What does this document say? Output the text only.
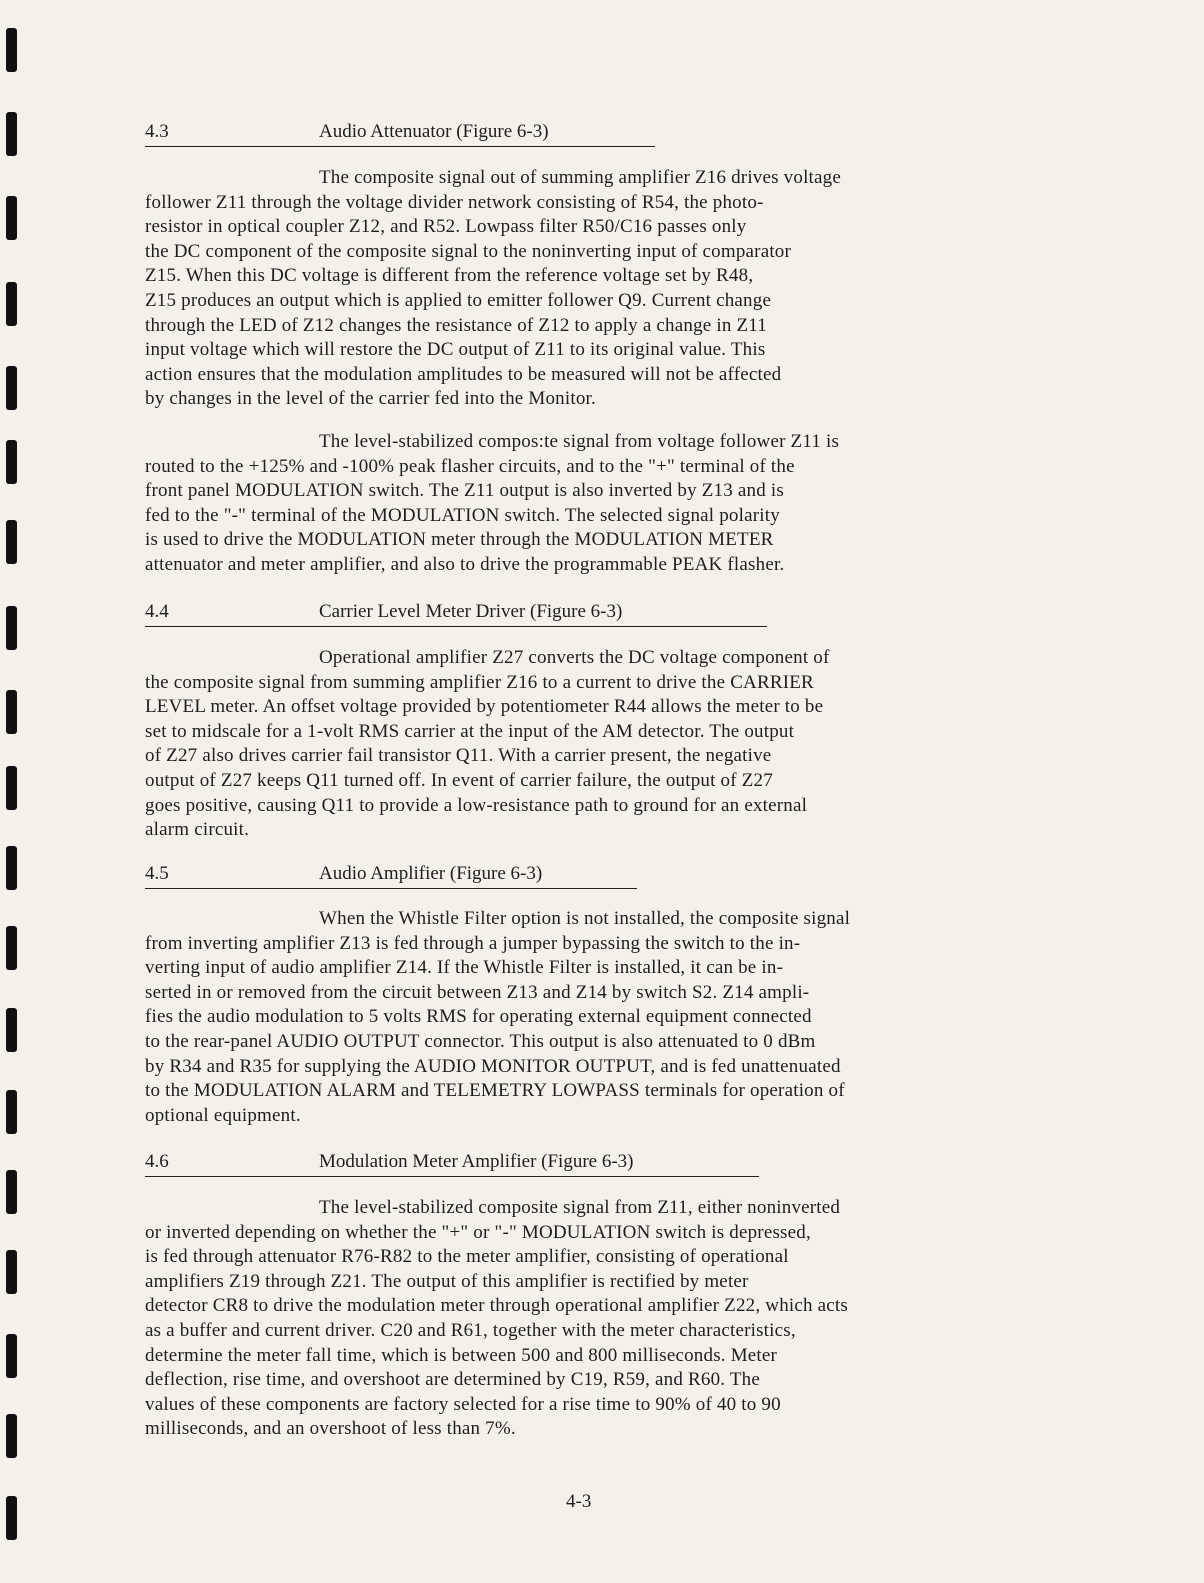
4.3	Audio Attenuator (Figure 6-3)

The composite signal out of summing amplifier Z16 drives voltage
follower Z11 through the voltage divider network consisting of R54, the photo-
resistor in optical coupler Z12, and R52. Lowpass filter R50/C16 passes only
the DC component of the composite signal to the noninverting input of comparator
Z15. When this DC voltage is different from the reference voltage set by R48,
Z15 produces an output which is applied to emitter follower Q9. Current change
through the LED of Z12 changes the resistance of Z12 to apply a change in Z11
input voltage which will restore the DC output of Z11 to its original value. This
action ensures that the modulation amplitudes to be measured will not be affected
by changes in the level of the carrier fed into the Monitor.

The level-stabilized compos:te signal from voltage follower Z11 is
routed to the +125% and -100% peak flasher circuits, and to the "+" terminal of the
front panel MODULATION switch. The Z11 output is also inverted by Z13 and is
fed to the "-" terminal of the MODULATION switch. The selected signal polarity
is used to drive the MODULATION meter through the MODULATION METER
attenuator and meter amplifier, and also to drive the programmable PEAK flasher.

4.4	Carrier Level Meter Driver (Figure 6-3)

Operational amplifier Z27 converts the DC voltage component of
the composite signal from summing amplifier Z16 to a current to drive the CARRIER
LEVEL meter. An offset voltage provided by potentiometer R44 allows the meter to be
set to midscale for a 1-volt RMS carrier at the input of the AM detector. The output
of Z27 also drives carrier fail transistor Q11. With a carrier present, the negative
output of Z27 keeps Q11 turned off. In event of carrier failure, the output of Z27
goes positive, causing Q11 to provide a low-resistance path to ground for an external
alarm circuit.

4.5	Audio Amplifier (Figure 6-3)

When the Whistle Filter option is not installed, the composite signal
from inverting amplifier Z13 is fed through a jumper bypassing the switch to the in-
verting input of audio amplifier Z14. If the Whistle Filter is installed, it can be in-
serted in or removed from the circuit between Z13 and Z14 by switch S2. Z14 ampli-
fies the audio modulation to 5 volts RMS for operating external equipment connected
to the rear-panel AUDIO OUTPUT connector. This output is also attenuated to 0 dBm
by R34 and R35 for supplying the AUDIO MONITOR OUTPUT, and is fed unattenuated
to the MODULATION ALARM and TELEMETRY LOWPASS terminals for operation of
optional equipment.

4.6	Modulation Meter Amplifier (Figure 6-3)

The level-stabilized composite signal from Z11, either noninverted
or inverted depending on whether the "+" or "-" MODULATION switch is depressed,
is fed through attenuator R76-R82 to the meter amplifier, consisting of operational
amplifiers Z19 through Z21. The output of this amplifier is rectified by meter
detector CR8 to drive the modulation meter through operational amplifier Z22, which acts
as a buffer and current driver. C20 and R61, together with the meter characteristics,
determine the meter fall time, which is between 500 and 800 milliseconds. Meter
deflection, rise time, and overshoot are determined by C19, R59, and R60. The
values of these components are factory selected for a rise time to 90% of 40 to 90
milliseconds, and an overshoot of less than 7%.

4-3
